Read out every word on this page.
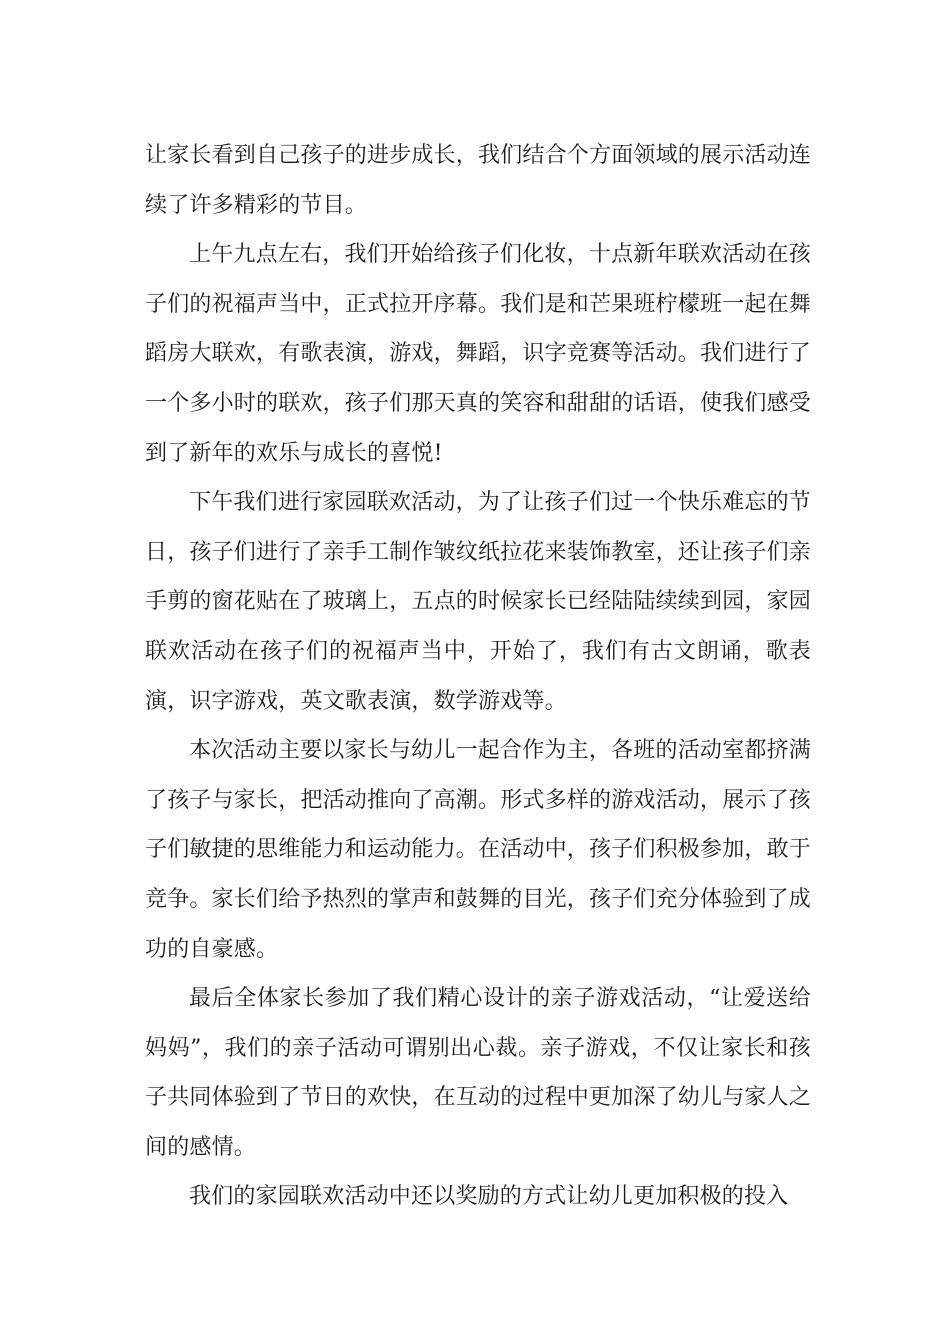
让家长看到自己孩子的进步成长，我们结合个方面领域的展示活动连续了许多精彩的节目。

上午九点左右，我们开始给孩子们化妆，十点新年联欢活动在孩子们的祝福声当中，正式拉开序幕。我们是和芒果班柠檬班一起在舞蹈房大联欢，有歌表演，游戏，舞蹈，识字竞赛等活动。我们进行了一个多小时的联欢，孩子们那天真的笑容和甜甜的话语，使我们感受到了新年的欢乐与成长的喜悦!

下午我们进行家园联欢活动，为了让孩子们过一个快乐难忘的节日，孩子们进行了亲手工制作皱纹纸拉花来装饰教室，还让孩子们亲手剪的窗花贴在了玻璃上，五点的时候家长已经陆陆续续到园，家园联欢活动在孩子们的祝福声当中，开始了，我们有古文朗诵，歌表演，识字游戏，英文歌表演，数学游戏等。

本次活动主要以家长与幼儿一起合作为主，各班的活动室都挤满了孩子与家长，把活动推向了高潮。形式多样的游戏活动，展示了孩子们敏捷的思维能力和运动能力。在活动中，孩子们积极参加，敢于竞争。家长们给予热烈的掌声和鼓舞的目光，孩子们充分体验到了成功的自豪感。

最后全体家长参加了我们精心设计的亲子游戏活动，“让爱送给妈妈”，我们的亲子活动可谓别出心裁。亲子游戏，不仅让家长和孩子共同体验到了节日的欢快，在互动的过程中更加深了幼儿与家人之间的感情。

我们的家园联欢活动中还以奖励的方式让幼儿更加积极的投入
